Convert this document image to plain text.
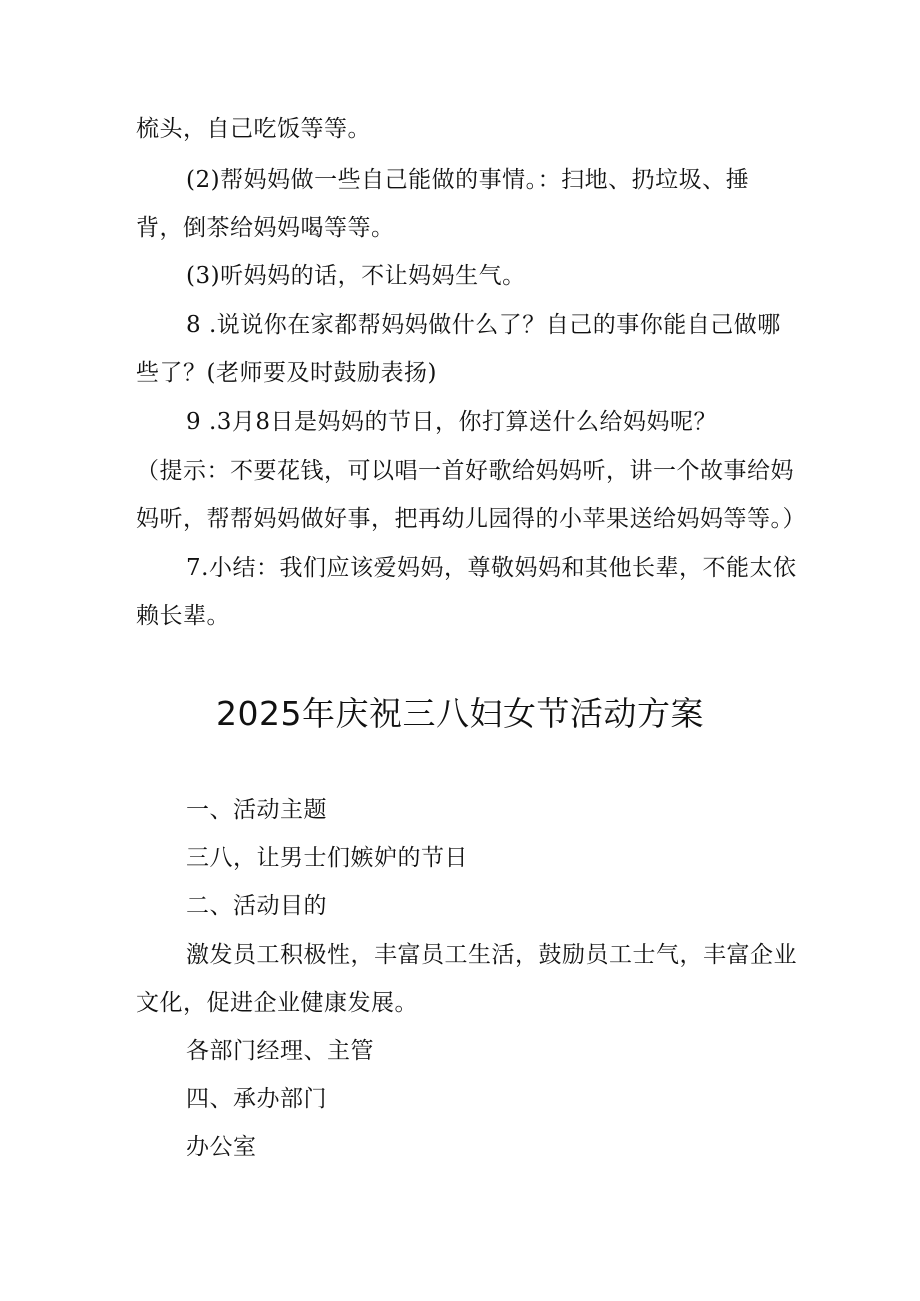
梳头，自己吃饭等等。

(2)帮妈妈做一些自己能做的事情。：扫地、扔垃圾、捶

背，倒茶给妈妈喝等等。

(3)听妈妈的话，不让妈妈生气。

8 .说说你在家都帮妈妈做什么了？自己的事你能自己做哪

些了？(老师要及时鼓励表扬)

9 .3月8日是妈妈的节日，你打算送什么给妈妈呢？

（提示：不要花钱，可以唱一首好歌给妈妈听，讲一个故事给妈

妈听，帮帮妈妈做好事，把再幼儿园得的小苹果送给妈妈等等。）

7.小结：我们应该爱妈妈，尊敬妈妈和其他长辈，不能太依

赖长辈。

2025年庆祝三八妇女节活动方案

一、活动主题

三八，让男士们嫉妒的节日

二、活动目的

激发员工积极性，丰富员工生活，鼓励员工士气，丰富企业

文化，促进企业健康发展。

各部门经理、主管

四、承办部门

办公室
